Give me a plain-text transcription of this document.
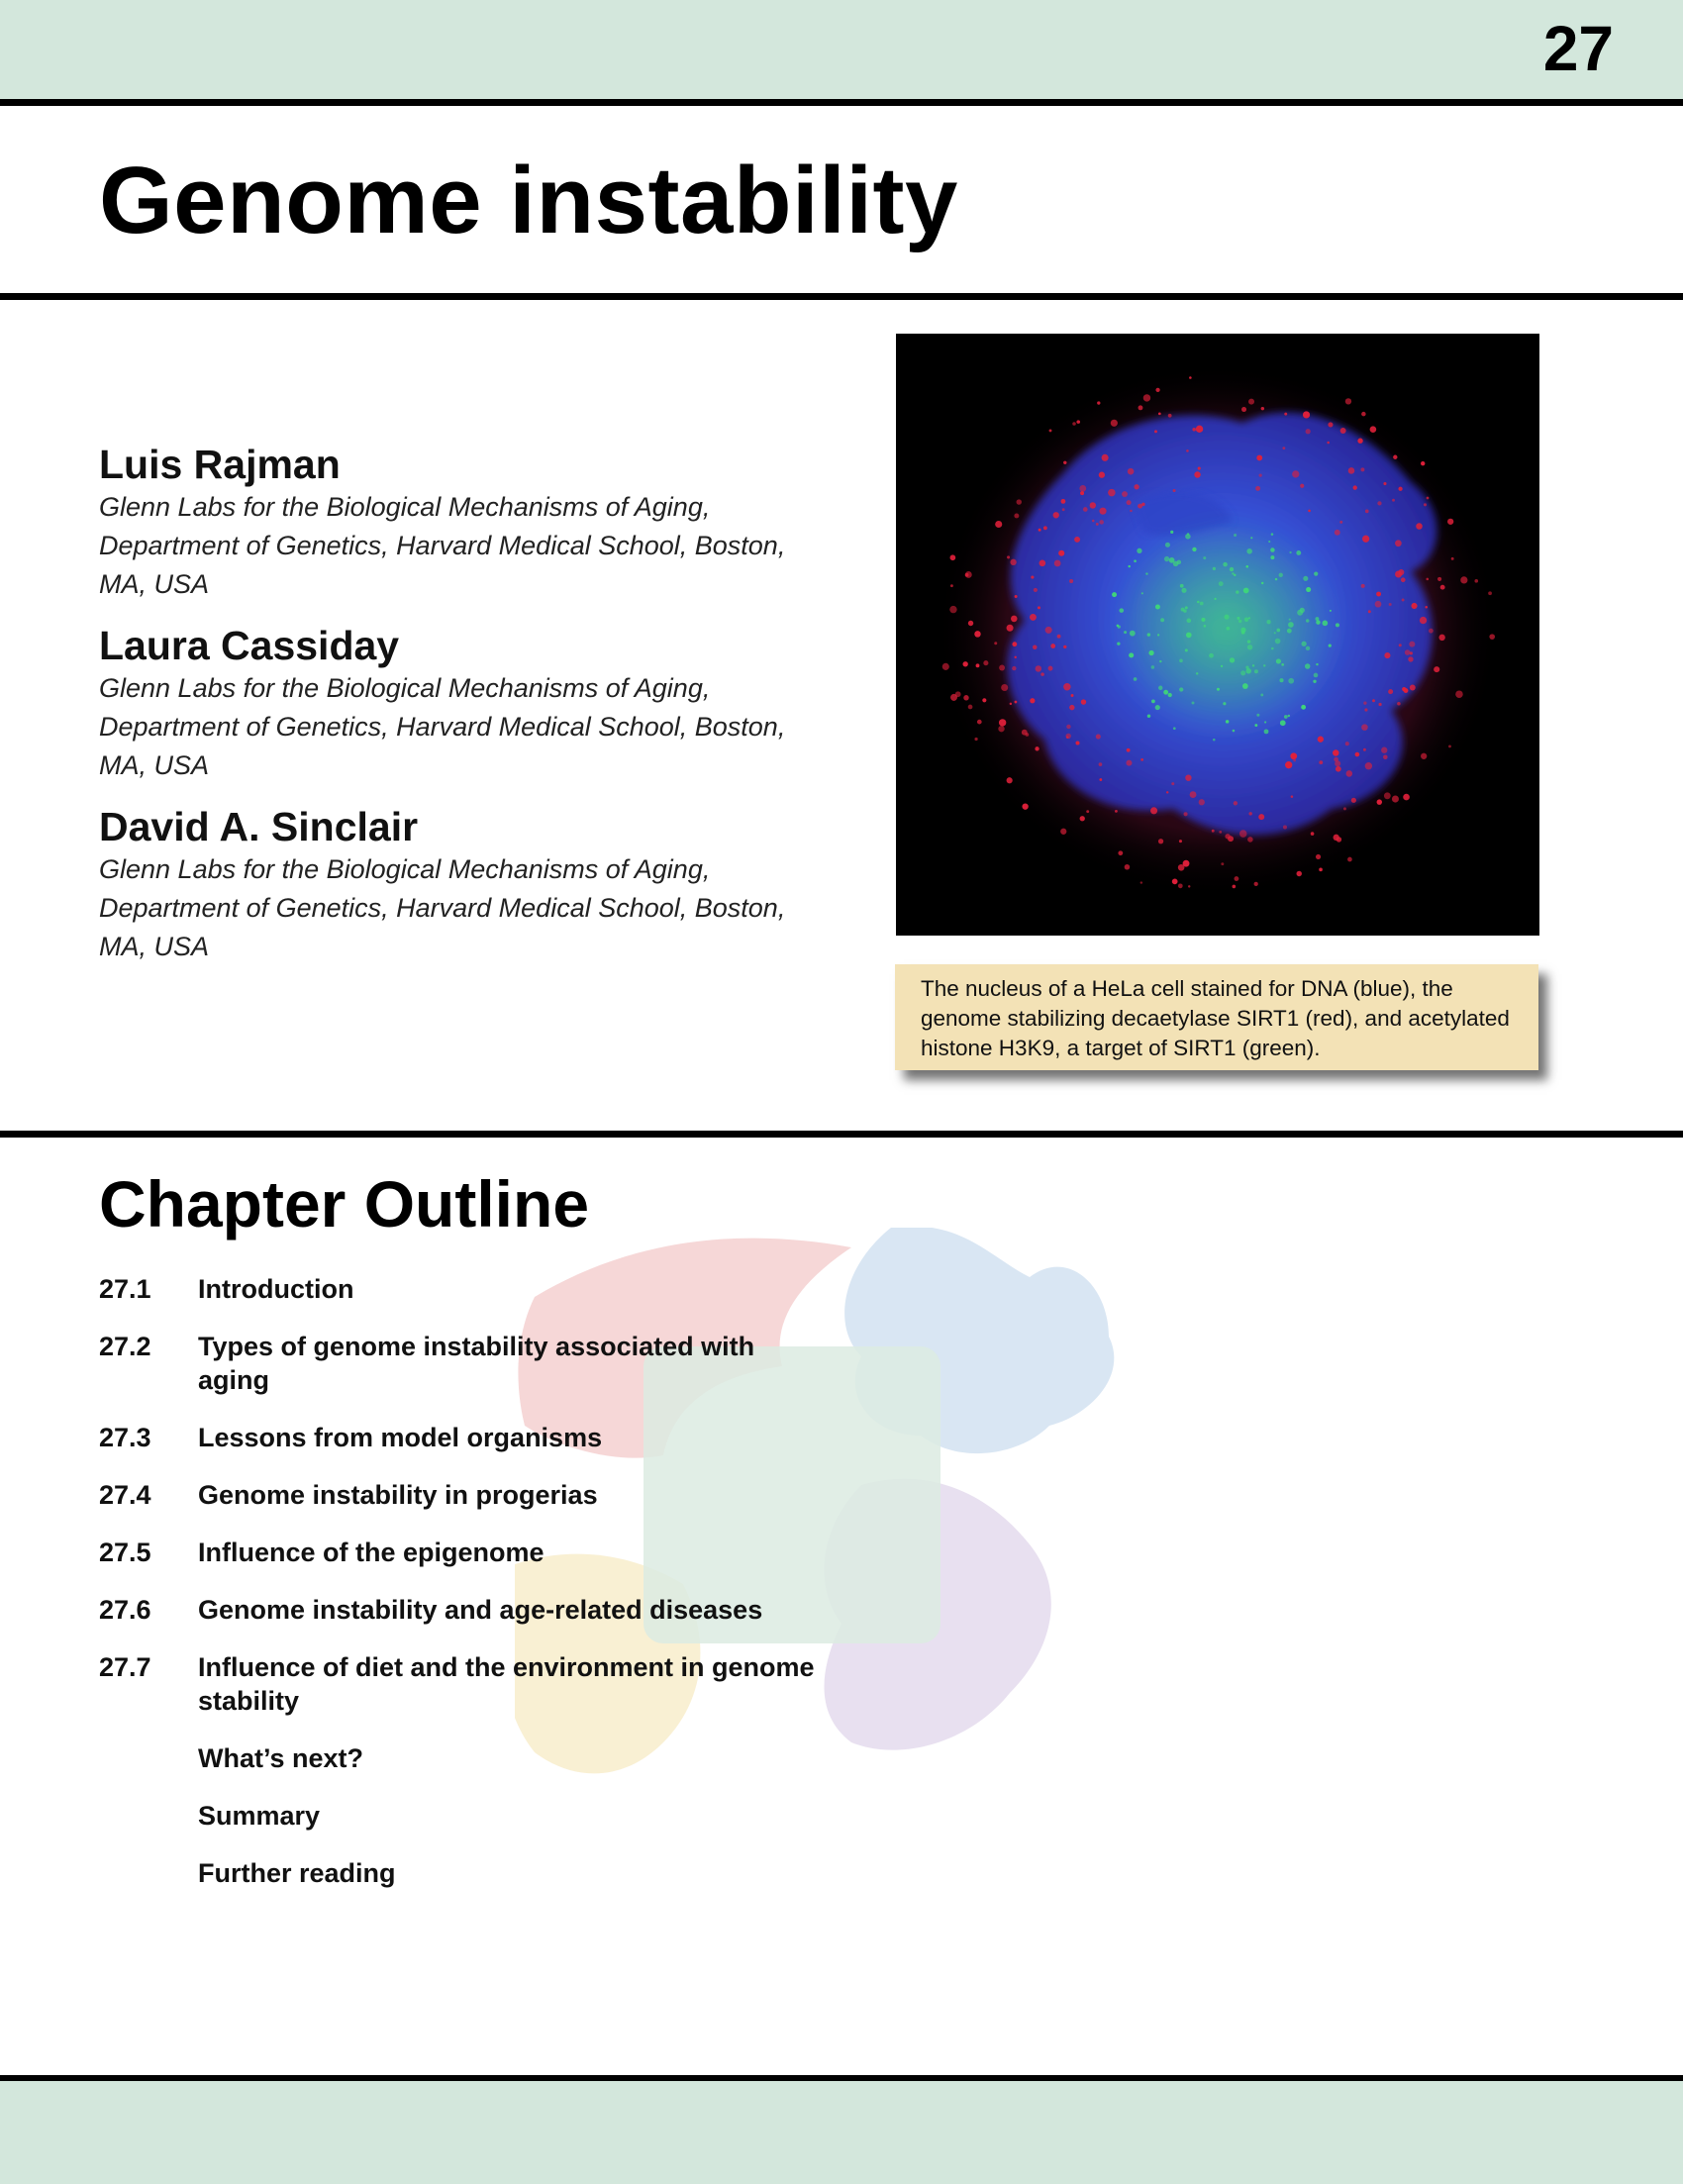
27
Genome instability
Luis Rajman
Glenn Labs for the Biological Mechanisms of Aging, Department of Genetics, Harvard Medical School, Boston, MA, USA
Laura Cassiday
Glenn Labs for the Biological Mechanisms of Aging, Department of Genetics, Harvard Medical School, Boston, MA, USA
David A. Sinclair
Glenn Labs for the Biological Mechanisms of Aging, Department of Genetics, Harvard Medical School, Boston, MA, USA
The nucleus of a HeLa cell stained for DNA (blue), the genome stabilizing decaetylase SIRT1 (red), and acetylated histone H3K9, a target of SIRT1 (green).
Chapter Outline
27.1	Introduction
27.2	Types of genome instability associated with aging
27.3	Lessons from model organisms
27.4	Genome instability in progerias
27.5	Influence of the epigenome
27.6	Genome instability and age-related diseases
27.7	Influence of diet and the environment in genome stability
What’s next?
Summary
Further reading
